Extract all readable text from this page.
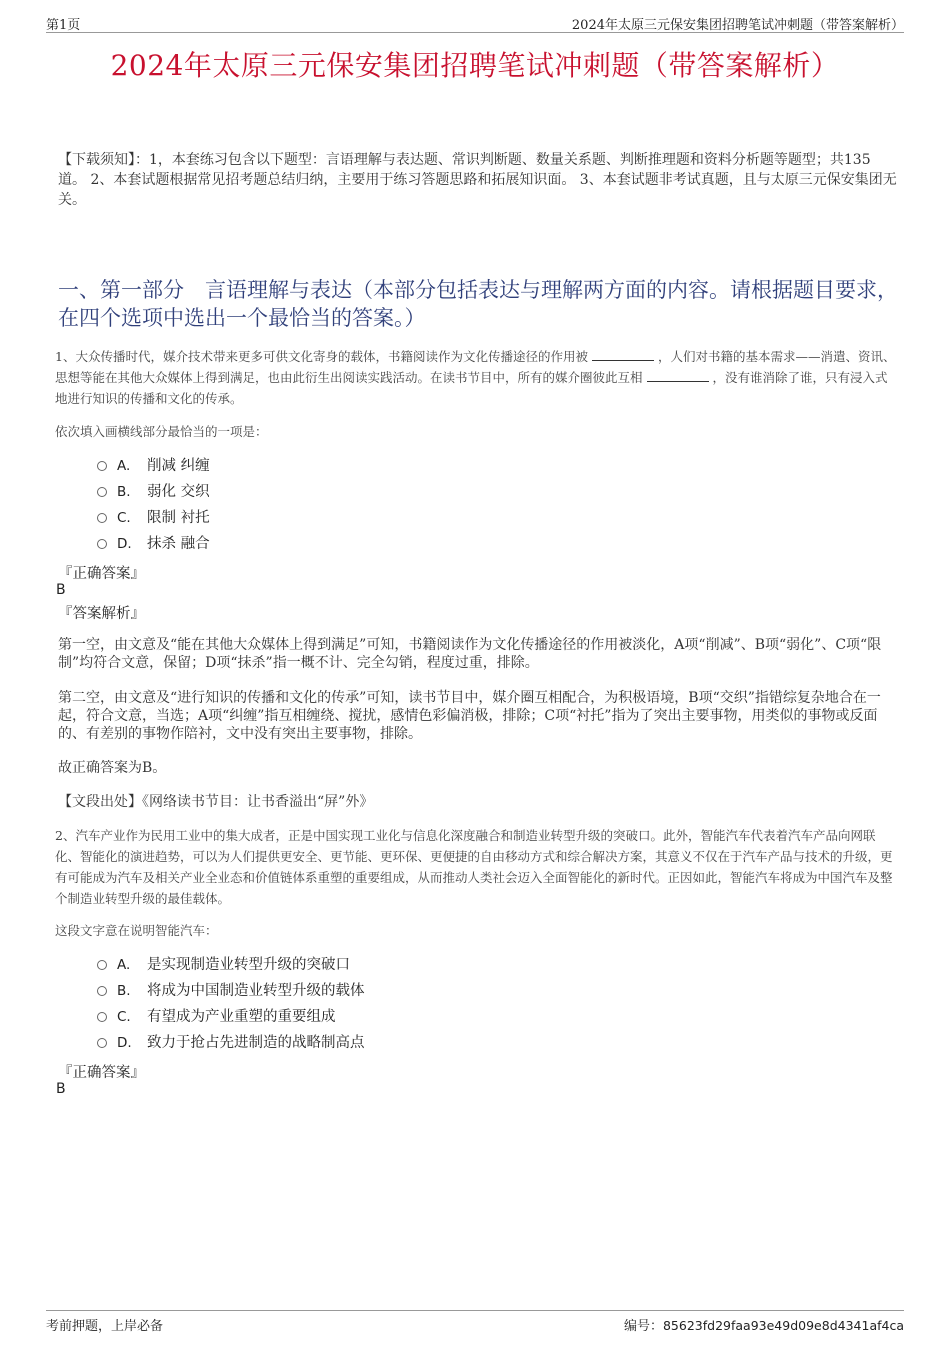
第1页	2024年太原三元保安集团招聘笔试冲刺题（带答案解析）
2024年太原三元保安集团招聘笔试冲刺题（带答案解析）
【下载须知】：1，本套练习包含以下题型：言语理解与表达题、常识判断题、数量关系题、判断推理题和资料分析题等题型；共135道。 2、本套试题根据常见招考题总结归纳，主要用于练习答题思路和拓展知识面。 3、本套试题非考试真题，且与太原三元保安集团无关。
一、第一部分　言语理解与表达（本部分包括表达与理解两方面的内容。请根据题目要求，在四个选项中选出一个最恰当的答案。）
1、大众传播时代，媒介技术带来更多可供文化寄身的载体，书籍阅读作为文化传播途径的作用被	，人们对书籍的基本需求——消遣、资讯、思想等能在其他大众媒体上得到满足，也由此衍生出阅读实践活动。在读书节目中，所有的媒介圈彼此互相	，没有谁消除了谁，只有浸入式地进行知识的传播和文化的传承。
依次填入画横线部分最恰当的一项是：
A. 削减 纠缠
B. 弱化 交织
C. 限制 衬托
D. 抹杀 融合
『正确答案』
B
『答案解析』
第一空，由文意及“能在其他大众媒体上得到满足”可知，书籍阅读作为文化传播途径的作用被淡化，A项“削减”、B项“弱化”、C项“限制”均符合文意，保留；D项“抹杀”指一概不计、完全勾销，程度过重，排除。
第二空，由文意及“进行知识的传播和文化的传承”可知，读书节目中，媒介圈互相配合，为积极语境，B项“交织”指错综复杂地合在一起，符合文意，当选；A项“纠缠”指互相缠绕、搅扰，感情色彩偏消极，排除；C项“衬托”指为了突出主要事物，用类似的事物或反面的、有差别的事物作陪衬，文中没有突出主要事物，排除。
故正确答案为B。
【文段出处】《网络读书节目：让书香溢出“屏”外》
2、汽车产业作为民用工业中的集大成者，正是中国实现工业化与信息化深度融合和制造业转型升级的突破口。此外，智能汽车代表着汽车产品向网联化、智能化的演进趋势，可以为人们提供更安全、更节能、更环保、更便捷的自由移动方式和综合解决方案，其意义不仅在于汽车产品与技术的升级，更有可能成为汽车及相关产业全业态和价值链体系重塑的重要组成，从而推动人类社会迈入全面智能化的新时代。正因如此，智能汽车将成为中国汽车及整个制造业转型升级的最佳载体。
这段文字意在说明智能汽车：
A. 是实现制造业转型升级的突破口
B. 将成为中国制造业转型升级的载体
C. 有望成为产业重塑的重要组成
D. 致力于抢占先进制造的战略制高点
『正确答案』
B
考前押题，上岸必备	编号：85623fd29faa93e49d09e8d4341af4ca
